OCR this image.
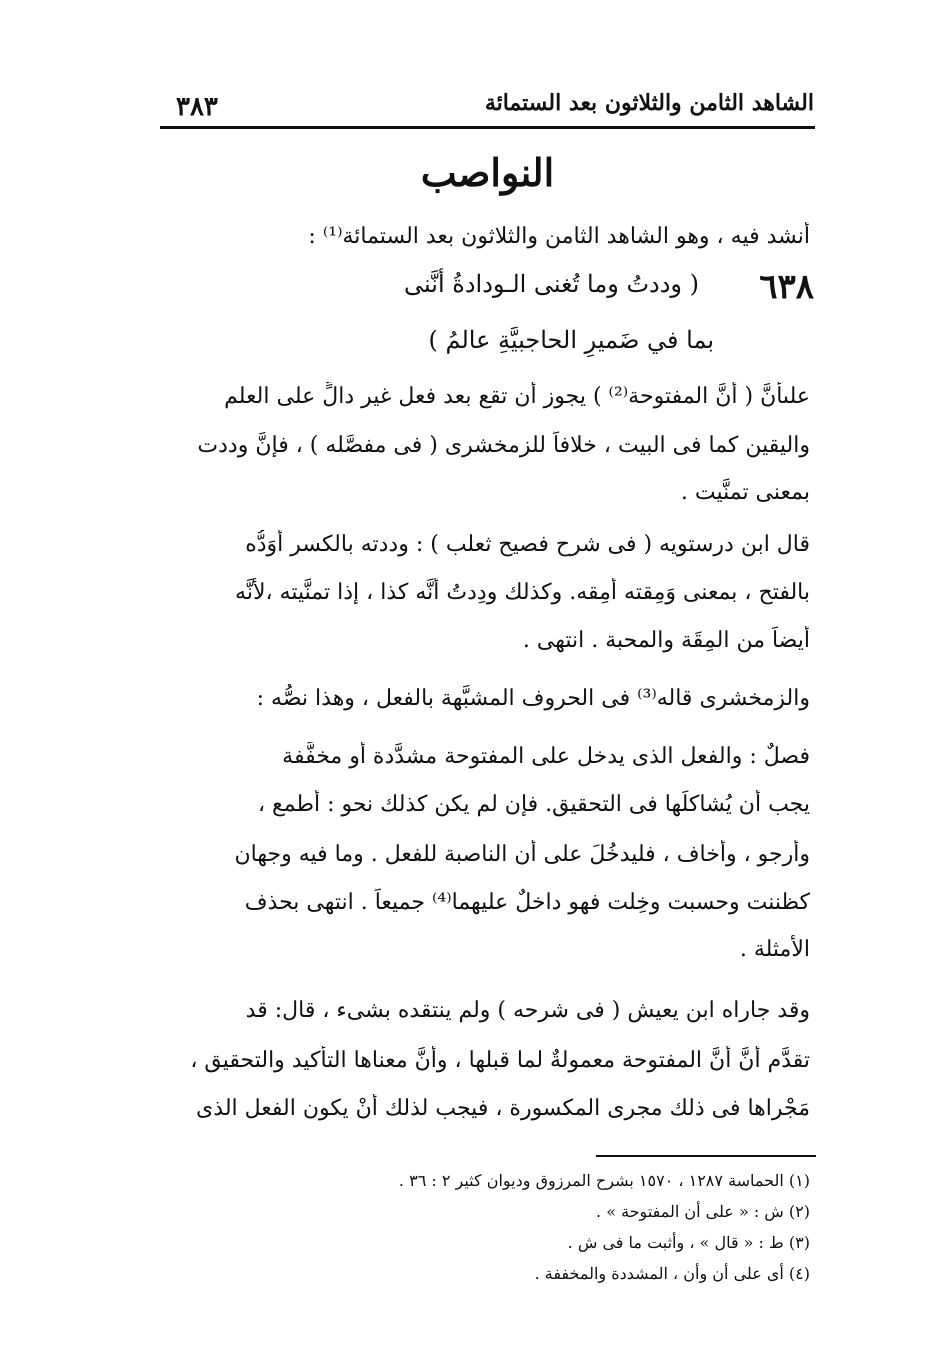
٣٨٣	الشاهد الثامن والثلاثون بعد الستمائة
النواصب
أنشد فيه ، وهو الشاهد الثامن والثلاثون بعد الستمائة⁽¹⁾ :
٦٣٨
( وددتُ وما تُغنى الـودادةُ أنَّنى
بما في ضَميرِ الحاجبيَّةِ عالمُ )
علىأنَّ ( أنَّ المفتوحة⁽²⁾ ) يجوز أن تقع بعد فعل غير دالٍّ على العلم
واليقين كما فى البيت ، خلافاً للزمخشرى ( فى مفصَّله ) ، فإنَّ وددت
بمعنى تمنَّيت .
قال ابن درستويه ( فى شرح فصيح ثعلب ) : وددته بالكسر أوَدُّه
بالفتح ، بمعنى وَمِقته أمِقه. وكذلك ودِدتُ أنَّه كذا ، إذا تمنَّيته ،لأنَّه
أيضاً من المِقَة والمحبة . انتهى .
والزمخشرى قاله⁽³⁾ فى الحروف المشبَّهة بالفعل ، وهذا نصُّه :
فصلٌ : والفعل الذى يدخل على المفتوحة مشدَّدة أو مخفَّفة
يجب أن يُشاكلَها فى التحقيق. فإن لم يكن كذلك نحو : أطمع ،
وأرجو ، وأخاف ، فليدخُلَ على أن الناصبة للفعل . وما فيه وجهان
كظننت وحسبت وخِلت فهو داخلٌ عليهما⁽⁴⁾ جميعاً . انتهى بحذف
الأمثلة .
وقد جاراه ابن يعيش ( فى شرحه ) ولم ينتقده بشىء ، قال: قد
تقدَّم أنَّ أنَّ المفتوحة معمولةٌ لما قبلها ، وأنَّ معناها التأكيد والتحقيق ،
مَجْراها فى ذلك مجرى المكسورة ، فيجب لذلك أنْ يكون الفعل الذى
(١) الحماسة ١٢٨٧ ، ١٥٧٠ بشرح المرزوق وديوان كثير ٢ : ٣٦ .
(٢) ش : « على أن المفتوحة » .
(٣) ط : « قال » ، وأثبت ما فى ش .
(٤) أى على أن وأن ، المشددة والمخففة .
